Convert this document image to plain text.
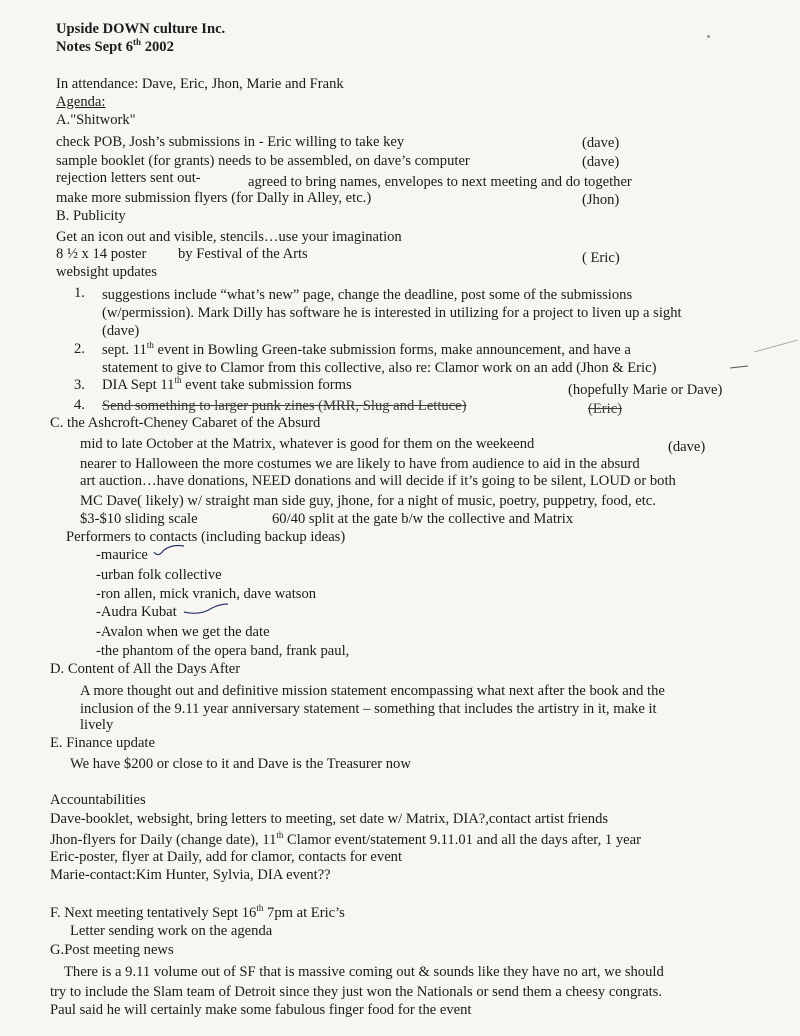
Upside DOWN culture Inc.
Notes Sept 6th 2002
In attendance: Dave, Eric, Jhon, Marie and Frank
Agenda:
A."Shitwork"
check POB, Josh’s submissions in - Eric willing to take key	(dave)
sample booklet (for grants) needs to be assembled, on dave’s computer	(dave)
rejection letters sent out-	agreed to bring names, envelopes to next meeting and do together
make more submission flyers (for Dally in Alley, etc.)	(Jhon)
B. Publicity
Get an icon out and visible, stencils…use your imagination
8 ½ x 14 poster by Festival of the Arts	( Eric)
websight updates
1. suggestions include “what’s new” page, change the deadline, post some of the submissions
(w/permission). Mark Dilly has software he is interested in utilizing for a project to liven up a sight
(dave)
2. sept. 11th event in Bowling Green-take submission forms, make announcement, and have a
statement to give to Clamor from this collective, also re: Clamor work on an add (Jhon & Eric)
3. DIA Sept 11th event take submission forms	(hopefully Marie or Dave)
4. Send something to larger punk zines (MRR, Slug and Lettuce)	(Eric)
C. the Ashcroft-Cheney Cabaret of the Absurd
mid to late October at the Matrix, whatever is good for them on the weekeend	(dave)
nearer to Halloween the more costumes we are likely to have from audience to aid in the absurd
art auction…have donations, NEED donations and will decide if it’s going to be silent, LOUD or both
MC Dave( likely) w/ straight man side guy, jhone, for a night of music, poetry, puppetry, food, etc.
$3-$10 sliding scale	60/40 split at the gate b/w the collective and Matrix
Performers to contacts (including backup ideas)
-maurice
-urban folk collective
-ron allen, mick vranich, dave watson
-Audra Kubat
-Avalon when we get the date
-the phantom of the opera band, frank paul,
D. Content of All the Days After
A more thought out and definitive mission statement encompassing what next after the book and the
inclusion of the 9.11 year anniversary statement – something that includes the artistry in it, make it
lively
E. Finance update
We have $200 or close to it and Dave is the Treasurer now
Accountabilities
Dave-booklet, websight, bring letters to meeting, set date w/ Matrix, DIA?,contact artist friends
Jhon-flyers for Daily (change date), 11th Clamor event/statement 9.11.01 and all the days after, 1 year
Eric-poster, flyer at Daily, add for clamor, contacts for event
Marie-contact:Kim Hunter, Sylvia, DIA event??
F. Next meeting tentatively Sept 16th 7pm at Eric’s
Letter sending work on the agenda
G.Post meeting news
There is a 9.11 volume out of SF that is massive coming out & sounds like they have no art, we should
try to include the Slam team of Detroit since they just won the Nationals or send them a cheesy congrats.
Paul said he will certainly make some fabulous finger food for the event
